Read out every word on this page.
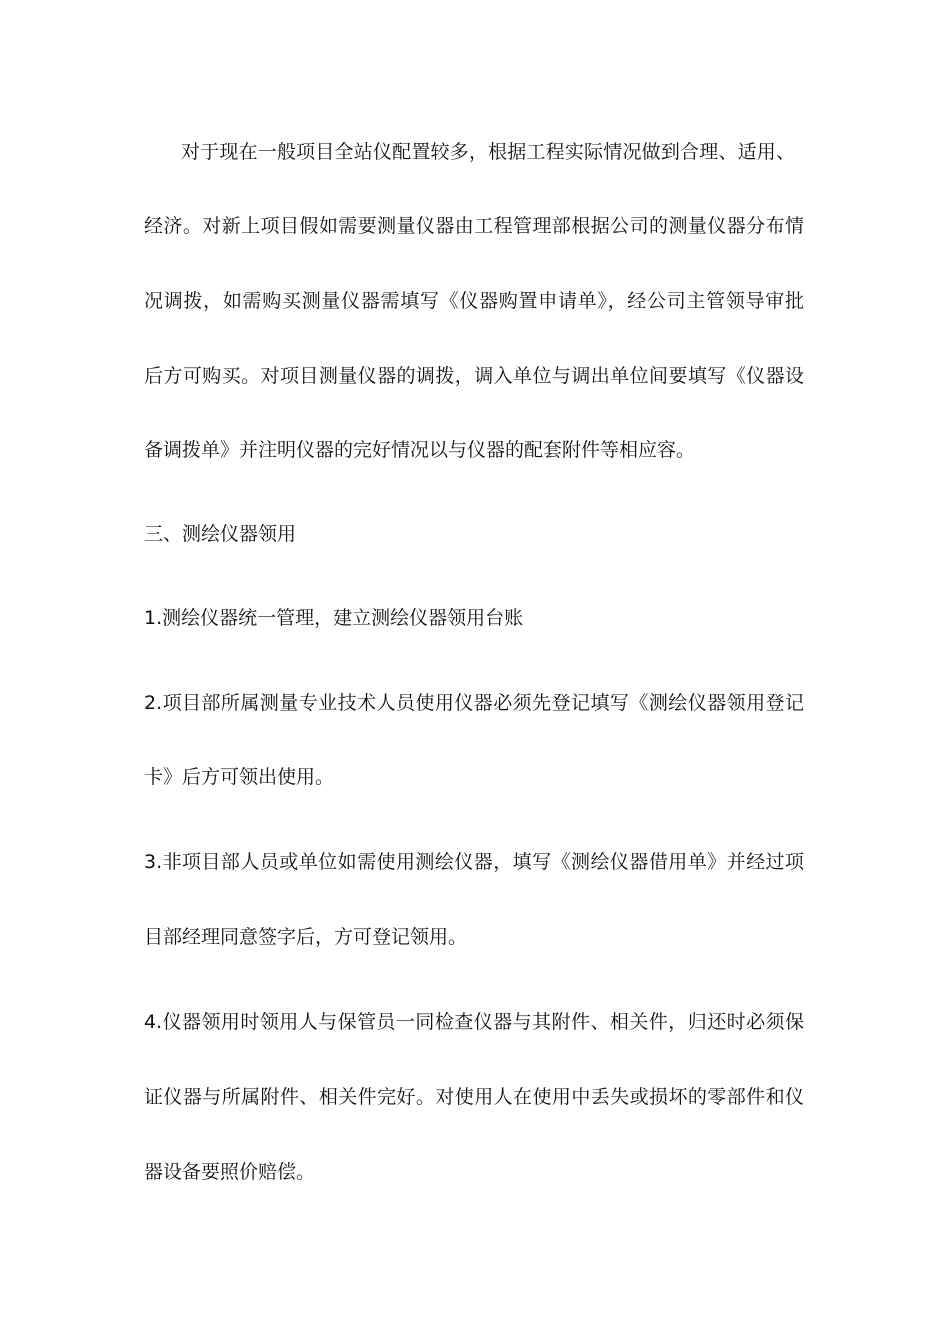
对于现在一般项目全站仪配置较多，根据工程实际情况做到合理、适用、
经济。对新上项目假如需要测量仪器由工程管理部根据公司的测量仪器分布情
况调拨，如需购买测量仪器需填写《仪器购置申请单》，经公司主管领导审批
后方可购买。对项目测量仪器的调拨，调入单位与调出单位间要填写《仪器设
备调拨单》并注明仪器的完好情况以与仪器的配套附件等相应容。
三、测绘仪器领用
1.测绘仪器统一管理，建立测绘仪器领用台账
2.项目部所属测量专业技术人员使用仪器必须先登记填写《测绘仪器领用登记
卡》后方可领出使用。
3.非项目部人员或单位如需使用测绘仪器，填写《测绘仪器借用单》并经过项
目部经理同意签字后，方可登记领用。
4.仪器领用时领用人与保管员一同检查仪器与其附件、相关件，归还时必须保
证仪器与所属附件、相关件完好。对使用人在使用中丢失或损坏的零部件和仪
器设备要照价赔偿。
